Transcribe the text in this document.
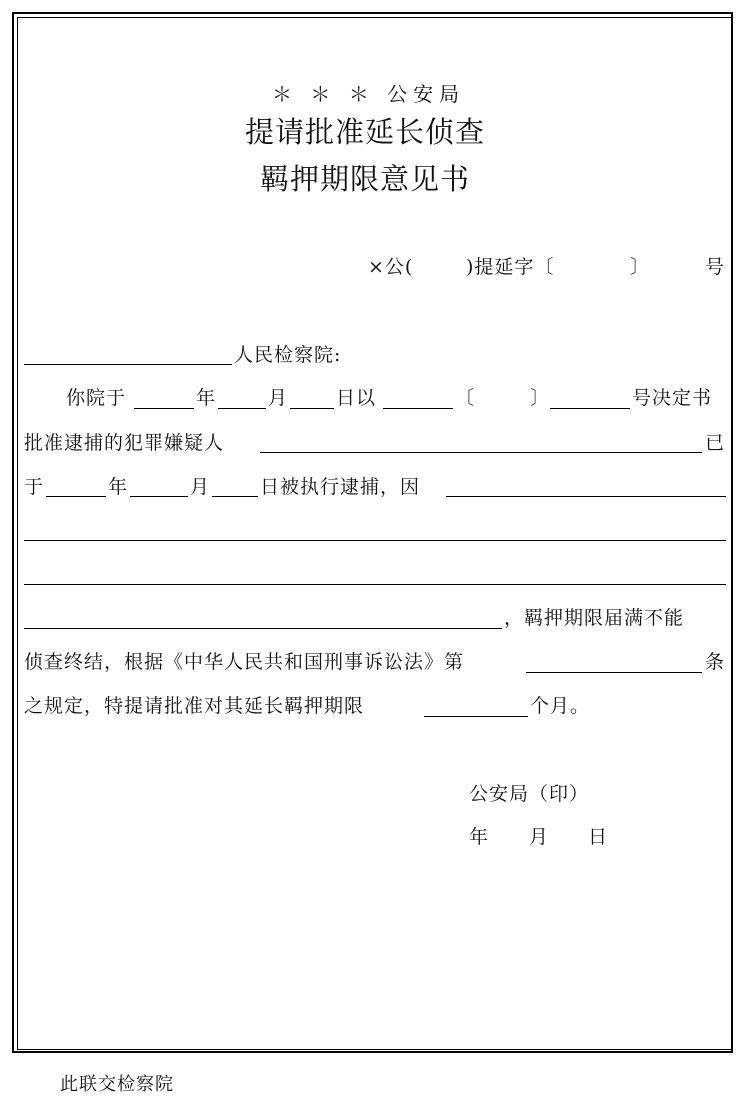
＊ ＊ ＊ 公安局
提请批准延长侦查
羁押期限意见书
×公(	)提延字〔	〕	号
人民检察院:
你院于	年	月	日以	〔	〕	号决定书
批准逮捕的犯罪嫌疑人	已
于	年	月	日被执行逮捕，因
，羁押期限届满不能
侦查终结，根据《中华人民共和国刑事诉讼法》第	条
之规定，特提请批准对其延长羁押期限	个月。
公安局（印）
年 月 日
此联交检察院
